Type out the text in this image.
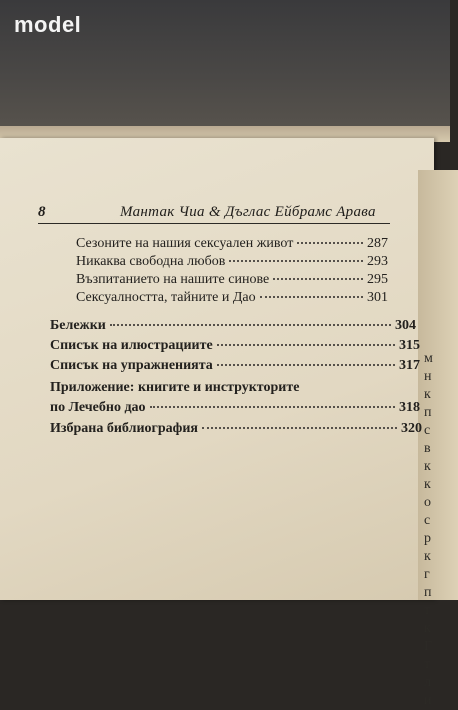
model
м
н
к
п
с
в
к
к
о
с
р
к
г
п
т
к
Г
т
л
и
8	Мантак Чиа & Дъглас Ейбрамс Арава
Сезоните на нашия сексуален живот	287
Никаква свободна любов	293
Възпитанието на нашите синове	295
Сексуалността, тайните и Дао	301
Бележки	304
Списък на илюстрациите	315
Списък на упражненията	317
Приложение: книгите и инструкторите
по Лечебно дао	318
Избрана библиография	320
